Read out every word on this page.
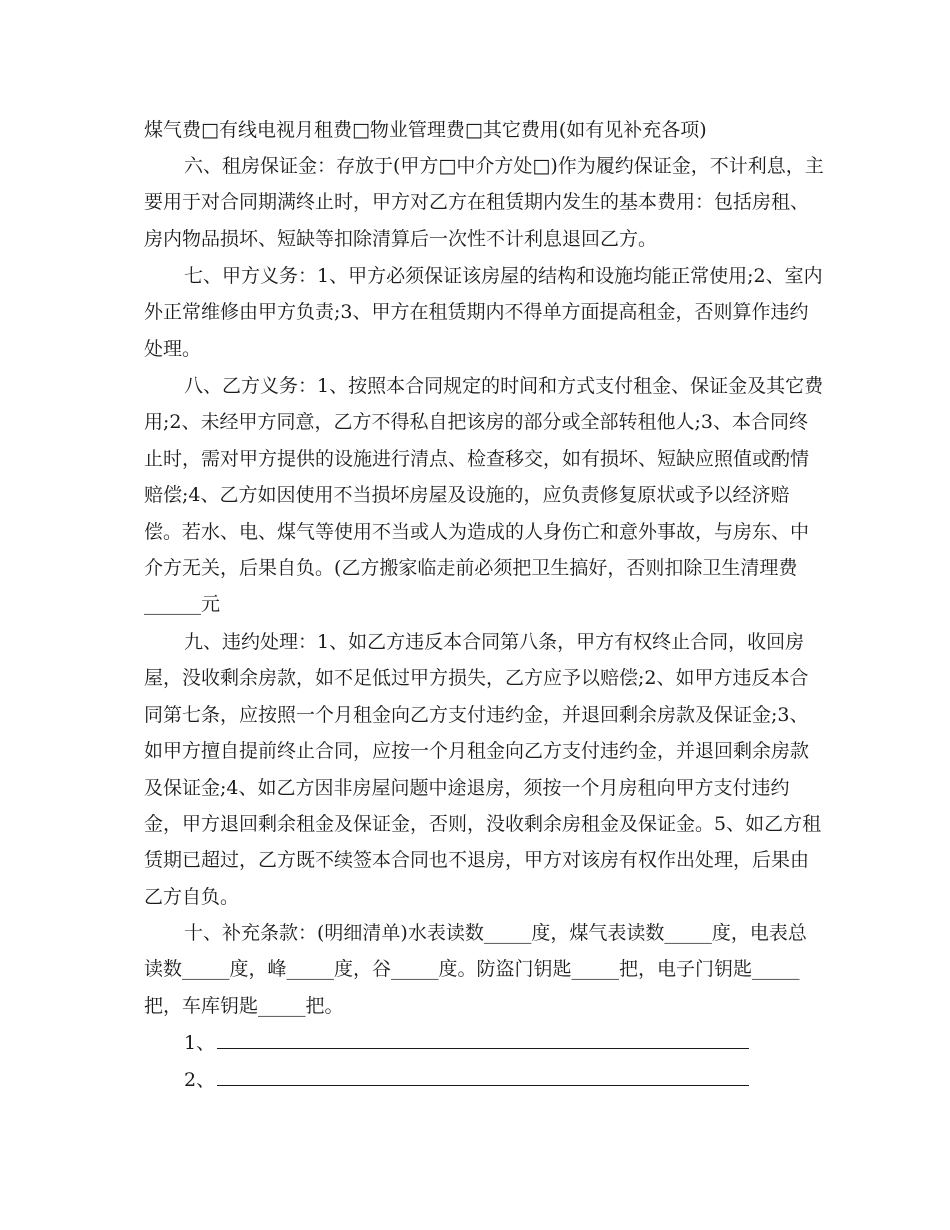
煤气费□有线电视月租费□物业管理费□其它费用(如有见补充各项)
六、租房保证金：存放于(甲方□中介方处□)作为履约保证金，不计利息，主
要用于对合同期满终止时，甲方对乙方在租赁期内发生的基本费用：包括房租、
房内物品损坏、短缺等扣除清算后一次性不计利息退回乙方。
七、甲方义务：1、甲方必须保证该房屋的结构和设施均能正常使用;2、室内
外正常维修由甲方负责;3、甲方在租赁期内不得单方面提高租金，否则算作违约
处理。
八、乙方义务：1、按照本合同规定的时间和方式支付租金、保证金及其它费
用;2、未经甲方同意，乙方不得私自把该房的部分或全部转租他人;3、本合同终
止时，需对甲方提供的设施进行清点、检查移交，如有损坏、短缺应照值或酌情
赔偿;4、乙方如因使用不当损坏房屋及设施的，应负责修复原状或予以经济赔
偿。若水、电、煤气等使用不当或人为造成的人身伤亡和意外事故，与房东、中
介方无关，后果自负。(乙方搬家临走前必须把卫生搞好，否则扣除卫生清理费
______元
九、违约处理：1、如乙方违反本合同第八条，甲方有权终止合同，收回房
屋，没收剩余房款，如不足低过甲方损失，乙方应予以赔偿;2、如甲方违反本合
同第七条，应按照一个月租金向乙方支付违约金，并退回剩余房款及保证金;3、
如甲方擅自提前终止合同，应按一个月租金向乙方支付违约金，并退回剩余房款
及保证金;4、如乙方因非房屋问题中途退房，须按一个月房租向甲方支付违约
金，甲方退回剩余租金及保证金，否则，没收剩余房租金及保证金。5、如乙方租
赁期已超过，乙方既不续签本合同也不退房，甲方对该房有权作出处理，后果由
乙方自负。
十、补充条款：(明细清单)水表读数_____度，煤气表读数_____度，电表总
读数_____度，峰_____度，谷_____度。防盗门钥匙_____把，电子门钥匙_____
把，车库钥匙_____把。
1、
2、
